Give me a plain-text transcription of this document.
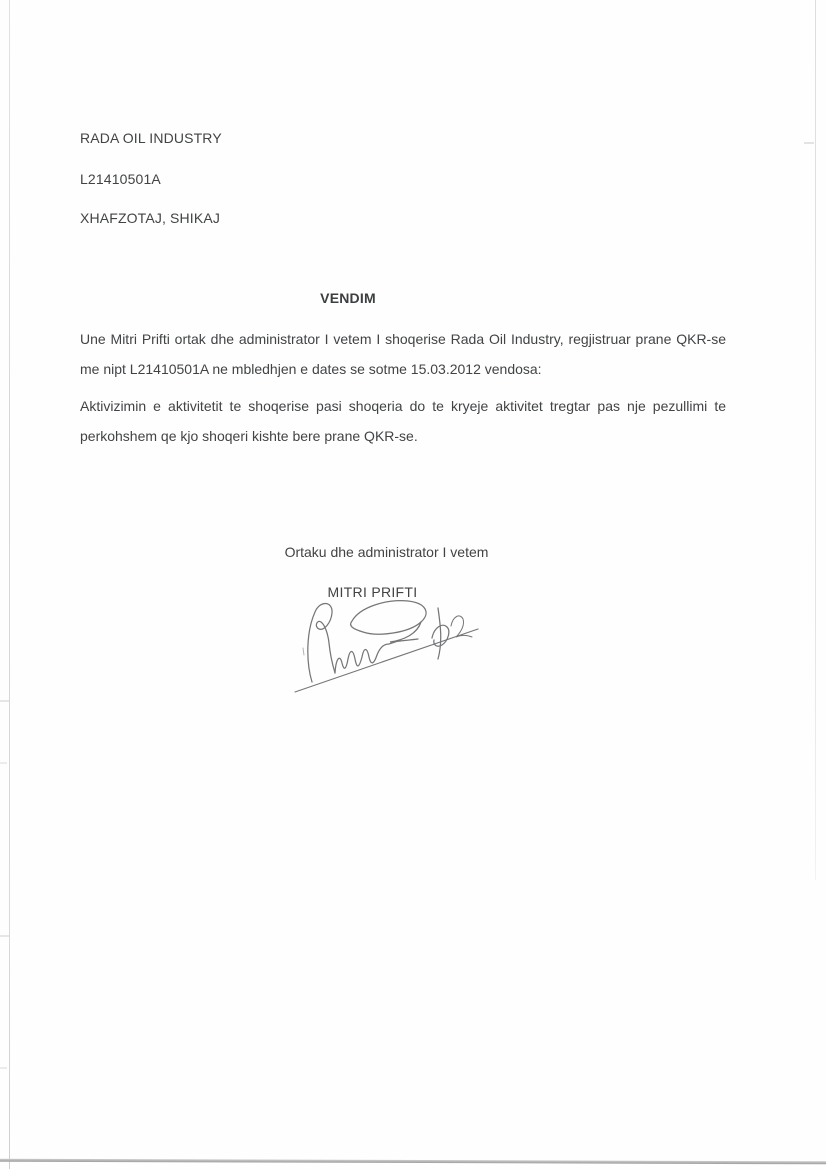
RADA OIL INDUSTRY
L21410501A
XHAFZOTAJ, SHIKAJ
VENDIM
Une Mitri Prifti ortak dhe administrator I vetem I shoqerise Rada Oil Industry, regjistruar prane QKR-se me nipt L21410501A ne mbledhjen e dates se sotme 15.03.2012 vendosa:
Aktivizimin e aktivitetit te shoqerise pasi shoqeria do te kryeje aktivitet tregtar pas nje pezullimi te perkohshem qe kjo shoqeri kishte bere prane QKR-se.
Ortaku dhe administrator I vetem
MITRI PRIFTI
